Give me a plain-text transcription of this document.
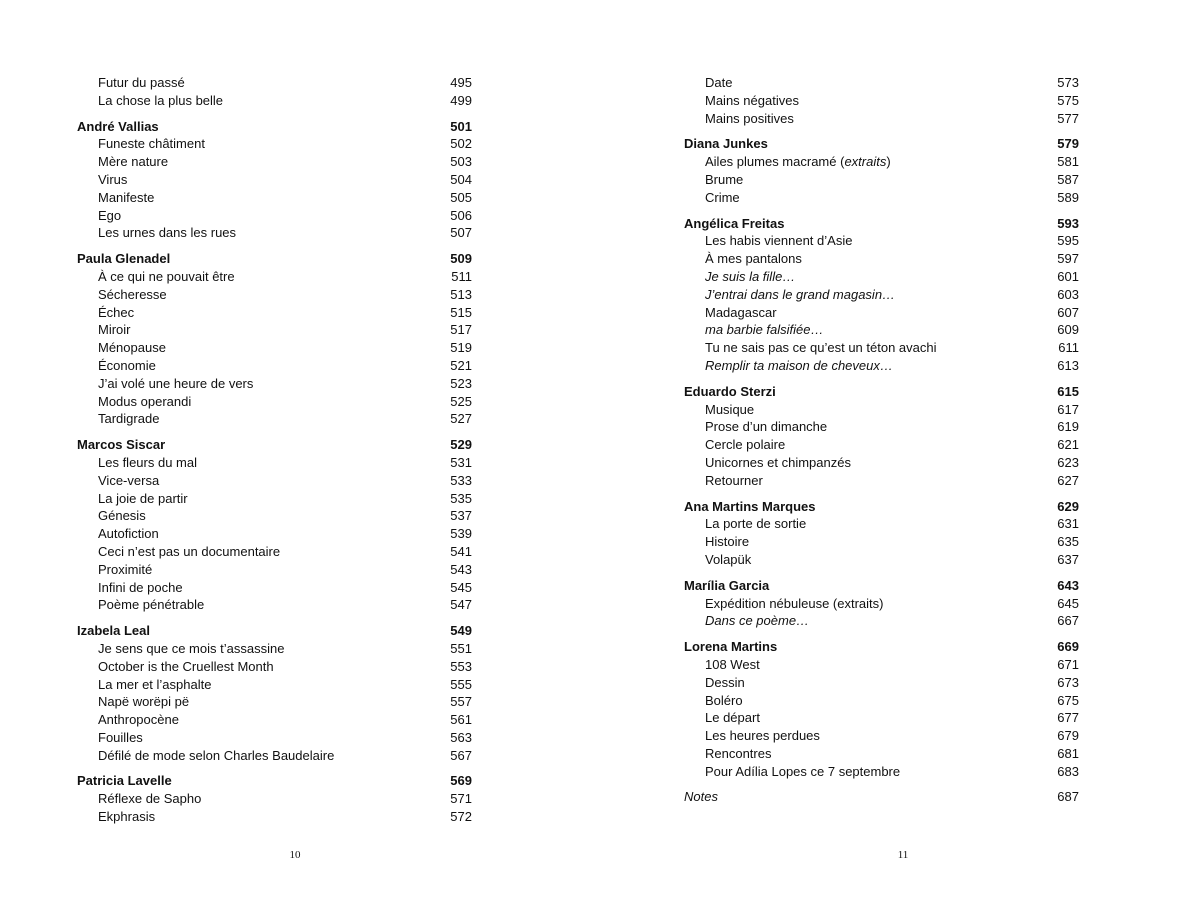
Futur du passé	495
La chose la plus belle	499
André Vallias	501
Funeste châtiment	502
Mère nature	503
Virus	504
Manifeste	505
Ego	506
Les urnes dans les rues	507
Paula Glenadel	509
À ce qui ne pouvait être	511
Sécheresse	513
Échec	515
Miroir	517
Ménopause	519
Économie	521
J’ai volé une heure de vers	523
Modus operandi	525
Tardigrade	527
Marcos Siscar	529
Les fleurs du mal	531
Vice-versa	533
La joie de partir	535
Génesis	537
Autofiction	539
Ceci n’est pas un documentaire	541
Proximité	543
Infini de poche	545
Poème pénétrable	547
Izabela Leal	549
Je sens que ce mois t’assassine	551
October is the Cruellest Month	553
La mer et l’asphalte	555
Napë worëpi pë	557
Anthropocène	561
Fouilles	563
Défilé de mode selon Charles Baudelaire	567
Patricia Lavelle	569
Réflexe de Sapho	571
Ekphrasis	572
10
Date	573
Mains négatives	575
Mains positives	577
Diana Junkes	579
Ailes plumes macramé (extraits)	581
Brume	587
Crime	589
Angélica Freitas	593
Les habis viennent d’Asie	595
À mes pantalons	597
Je suis la fille…	601
J’entrai dans le grand magasin…	603
Madagascar	607
ma barbie falsifiée…	609
Tu ne sais pas ce qu’est un téton avachi	611
Remplir ta maison de cheveux…	613
Eduardo Sterzi	615
Musique	617
Prose d’un dimanche	619
Cercle polaire	621
Unicornes et chimpanzés	623
Retourner	627
Ana Martins Marques	629
La porte de sortie	631
Histoire	635
Volapük	637
Marília Garcia	643
Expédition nébuleuse (extraits)	645
Dans ce poème…	667
Lorena Martins	669
108 West	671
Dessin	673
Boléro	675
Le départ	677
Les heures perdues	679
Rencontres	681
Pour Adília Lopes ce 7 septembre	683
Notes	687
11
